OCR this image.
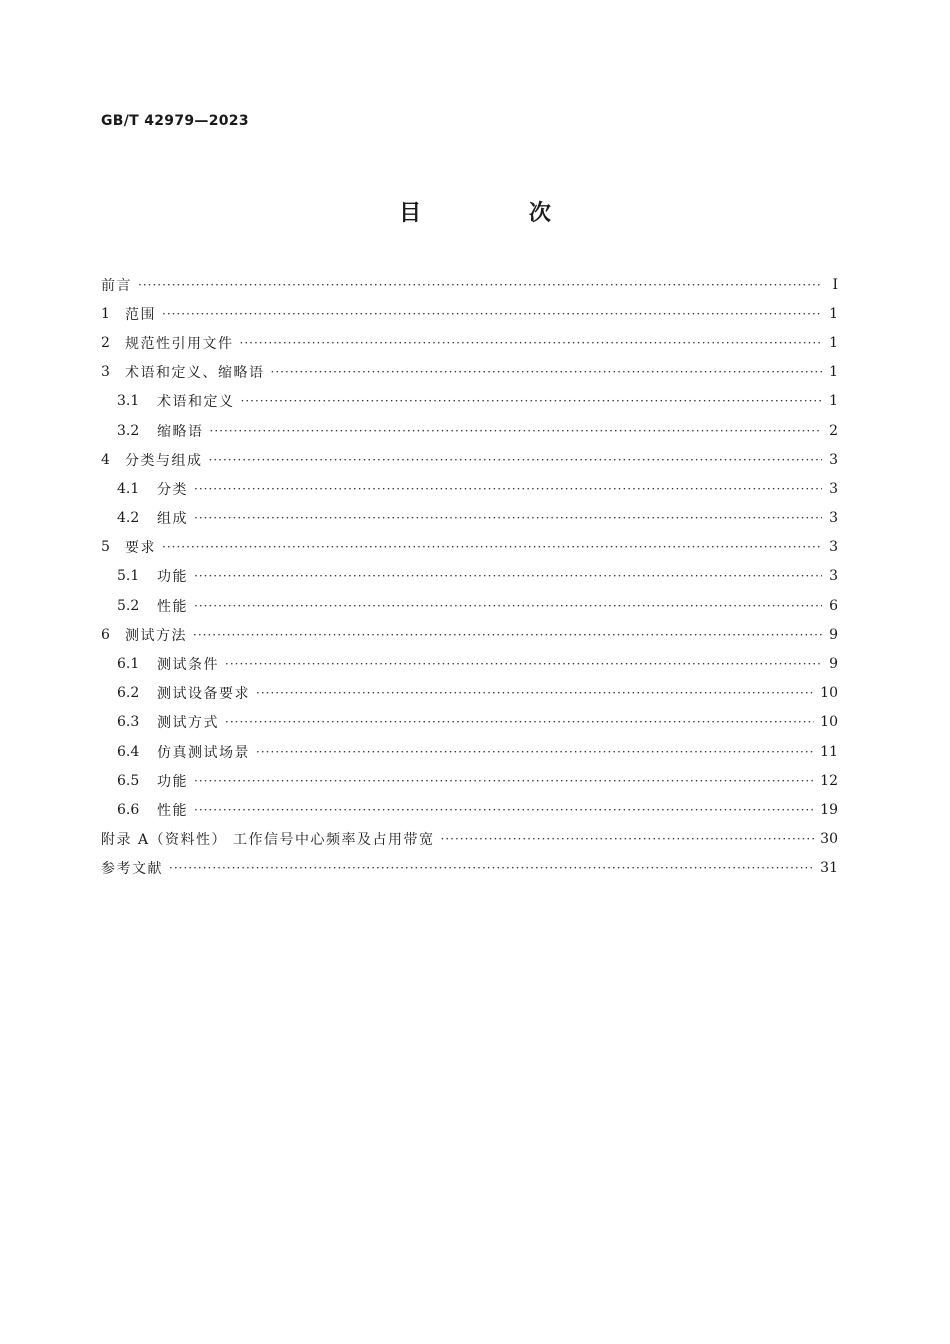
GB/T 42979—2023
目 次
前言 ·····	Ⅰ
1	范围 ·····	1
2	规范性引用文件 ·····	1
3	术语和定义、缩略语 ·····	1
3.1	术语和定义 ·····	1
3.2	缩略语 ·····	2
4	分类与组成 ·····	3
4.1	分类 ·····	3
4.2	组成 ·····	3
5	要求 ·····	3
5.1	功能 ·····	3
5.2	性能 ·····	6
6	测试方法 ·····	9
6.1	测试条件 ·····	9
6.2	测试设备要求 ·····	10
6.3	测试方式 ·····	10
6.4	仿真测试场景 ·····	11
6.5	功能 ·····	12
6.6	性能 ·····	19
附录 A（资料性） 工作信号中心频率及占用带宽 ·····	30
参考文献 ·····	31
